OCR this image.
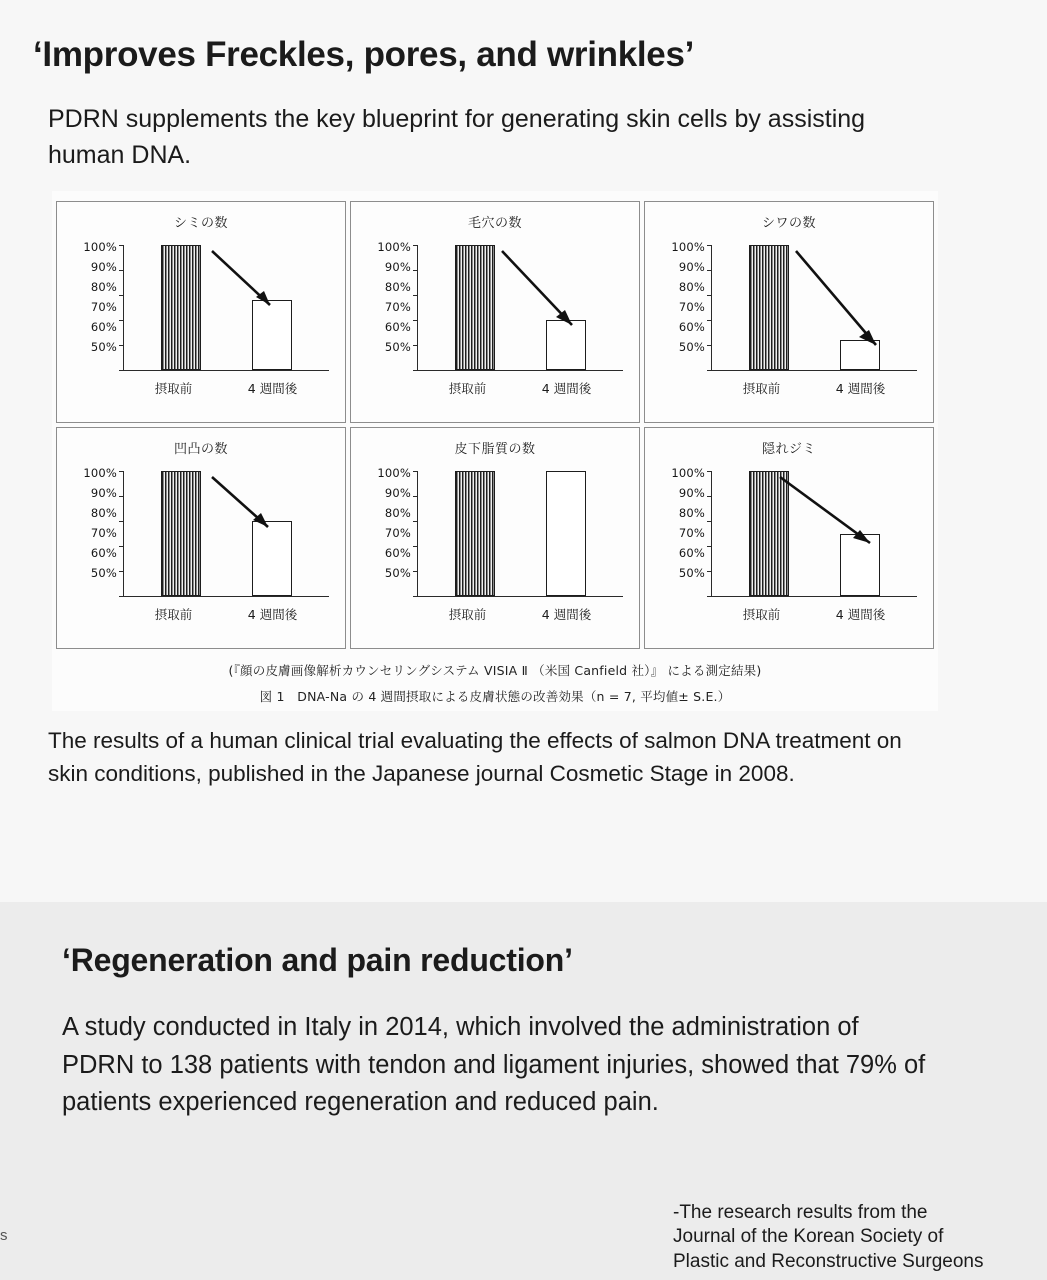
‘Improves Freckles, pores, and wrinkles’

PDRN supplements the key blueprint for generating skin cells by assisting human DNA.

シミの数
100%
90%
80%
70%
60%
50%
摂取前	4 週間後
毛穴の数
100%
90%
80%
70%
60%
50%
摂取前	4 週間後
シワの数
100%
90%
80%
70%
60%
50%
摂取前	4 週間後
凹凸の数
100%
90%
80%
70%
60%
50%
摂取前	4 週間後
皮下脂質の数
100%
90%
80%
70%
60%
50%
摂取前	4 週間後
隠れジミ
100%
90%
80%
70%
60%
50%
摂取前	4 週間後
(『顔の皮膚画像解析カウンセリングシステム VISIA Ⅱ （米国 Canfield 社）』 による測定結果)
図 1　DNA-Na の 4 週間摂取による皮膚状態の改善効果（n = 7, 平均値± S.E.）

The results of a human clinical trial evaluating the effects of salmon DNA treatment on skin conditions, published in the Japanese journal Cosmetic Stage in 2008.

‘Regeneration and pain reduction’

A study conducted in Italy in 2014, which involved the administration of PDRN to 138 patients with tendon and ligament injuries, showed that 79% of patients experienced regeneration and reduced pain.

-The research results from the
Journal of the Korean Society of
Plastic and Reconstructive Surgeons
s
